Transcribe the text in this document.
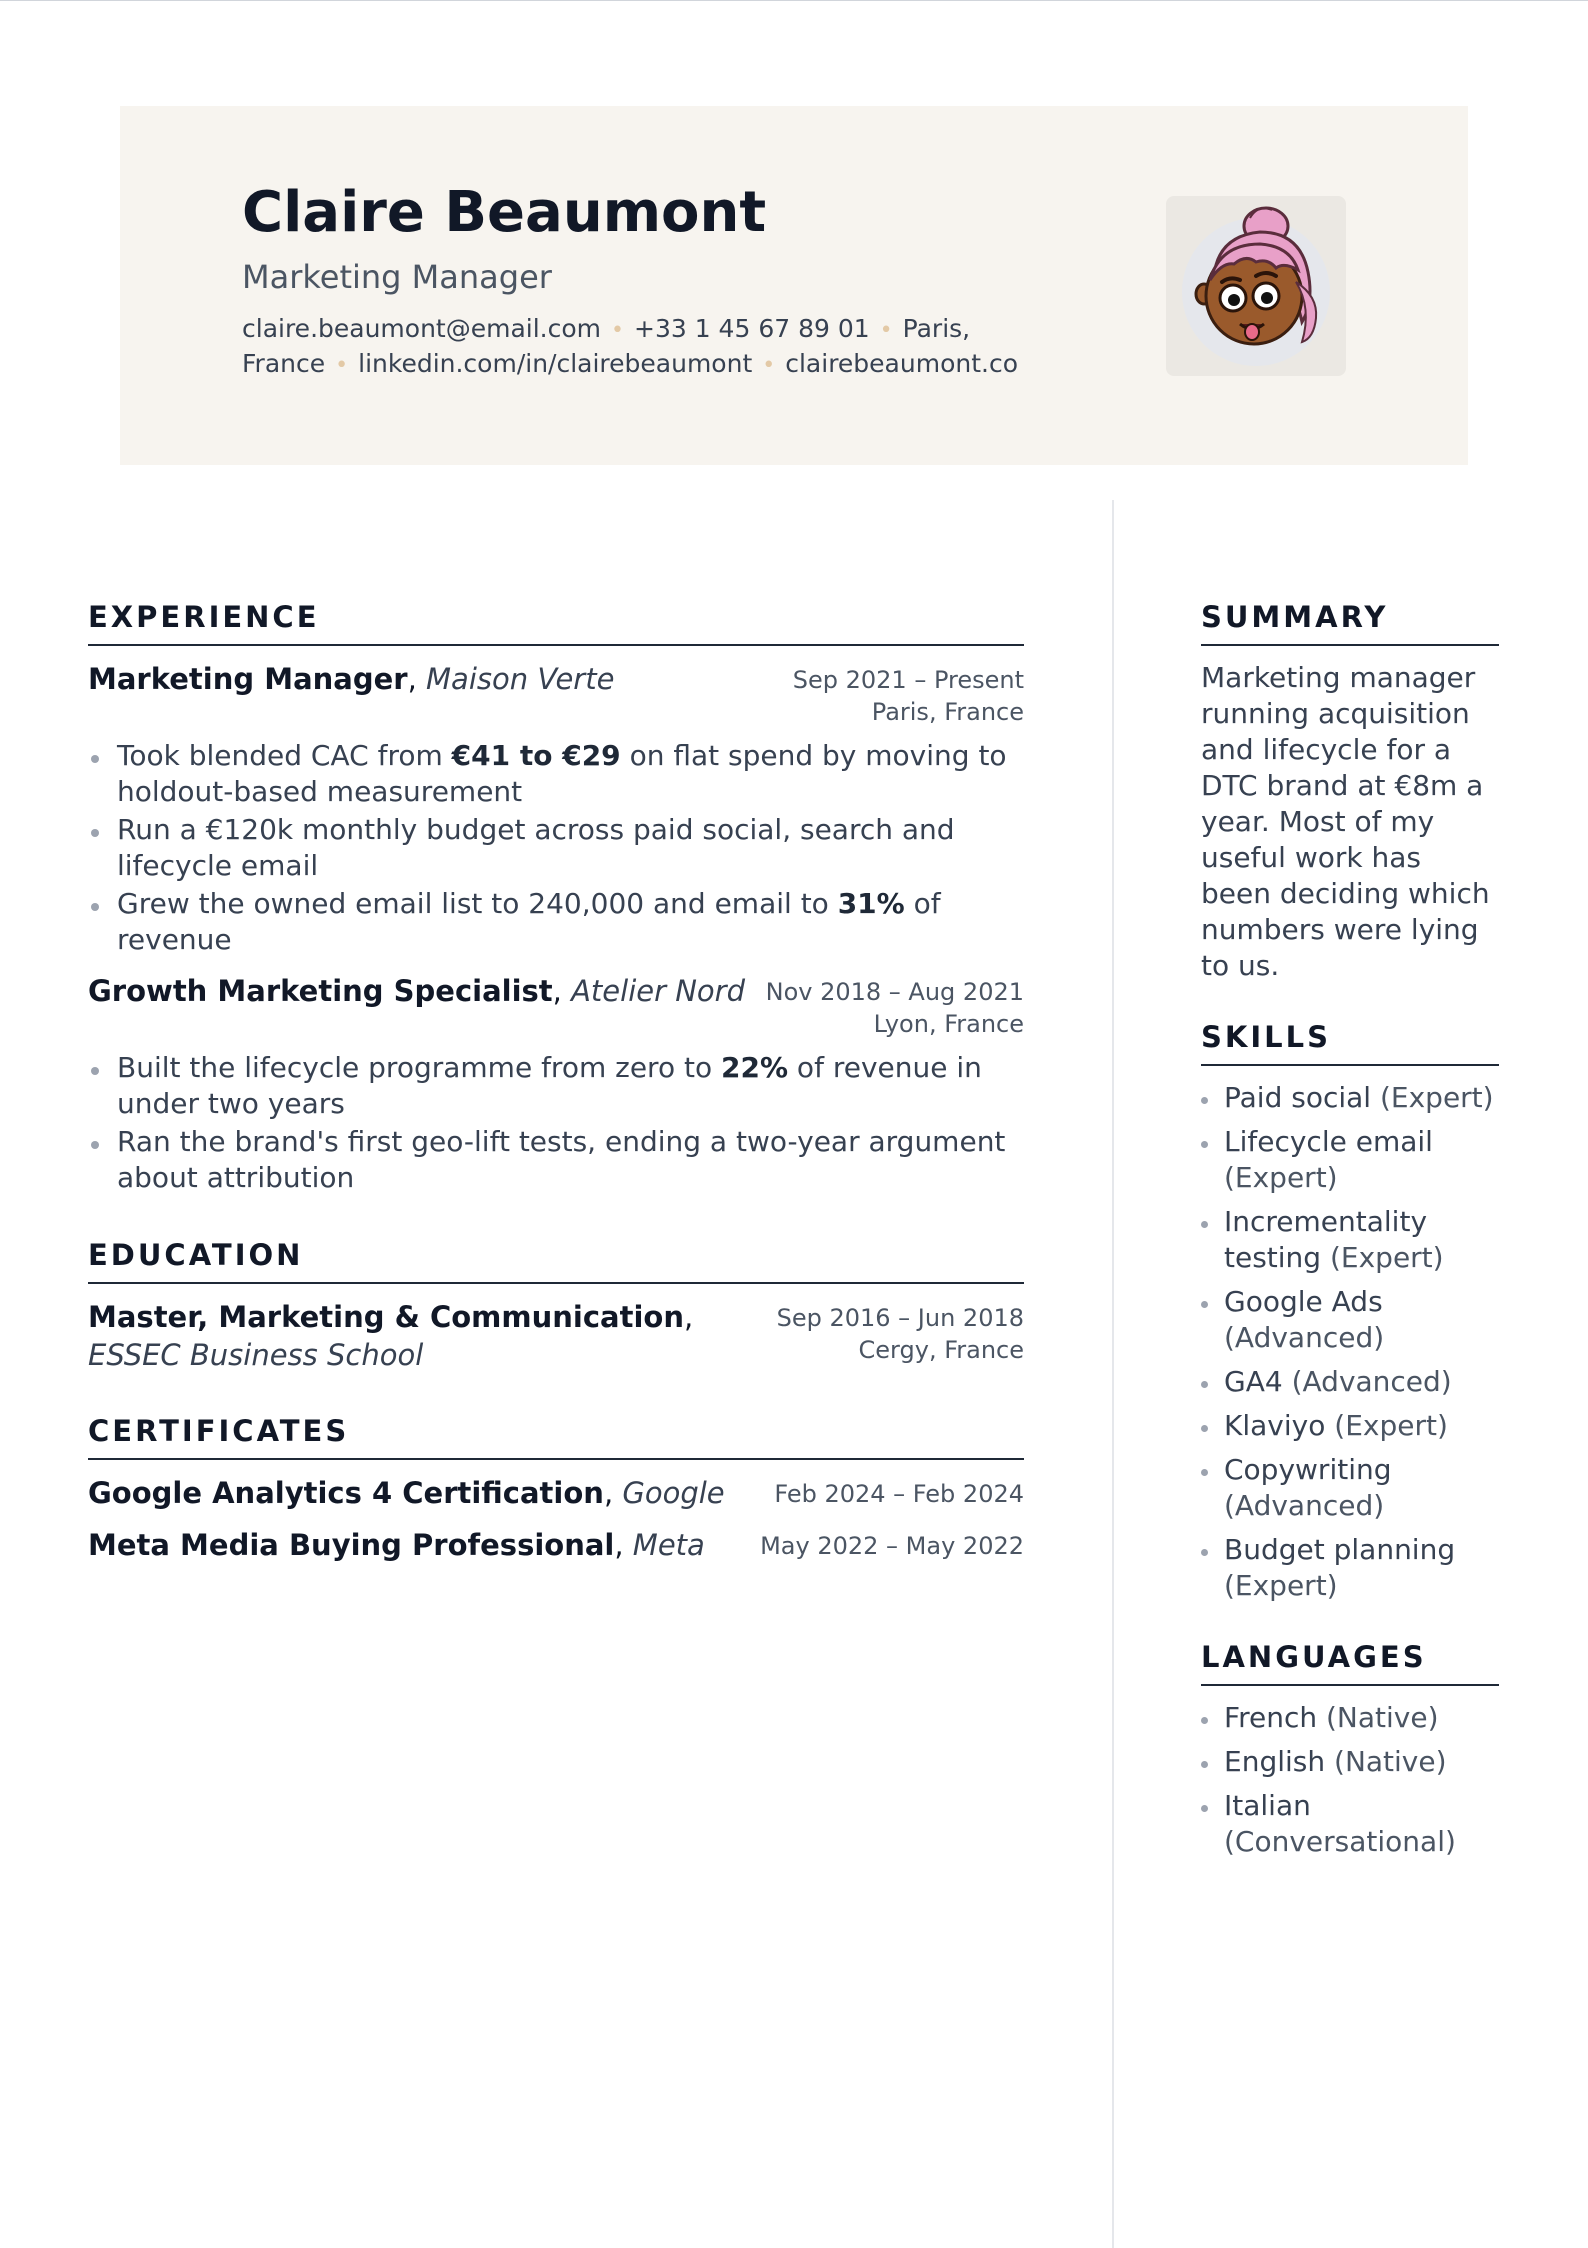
Claire Beaumont
Marketing Manager
claire.beaumont@email.com • +33 1 45 67 89 01 • Paris, France • linkedin.com/in/clairebeaumont • clairebeaumont.co
EXPERIENCE
Marketing Manager, Maison Verte	Sep 2021 – Present
Paris, France
Took blended CAC from €41 to €29 on flat spend by moving to holdout-based measurement
Run a €120k monthly budget across paid social, search and lifecycle email
Grew the owned email list to 240,000 and email to 31% of revenue
Growth Marketing Specialist, Atelier Nord Nov 2018 – Aug 2021
Lyon, France
Built the lifecycle programme from zero to 22% of revenue in under two years
Ran the brand's first geo-lift tests, ending a two-year argument about attribution
EDUCATION
Master, Marketing & Communication,
ESSEC Business School
Sep 2016 – Jun 2018
Cergy, France
CERTIFICATES
Google Analytics 4 Certification, Google Feb 2024 – Feb 2024
Meta Media Buying Professional, Meta May 2022 – May 2022
SUMMARY
Marketing manager running acquisition and lifecycle for a DTC brand at €8m a year. Most of my useful work has been deciding which numbers were lying to us.
SKILLS
Paid social (Expert)
Lifecycle email (Expert)
Incrementality testing (Expert)
Google Ads (Advanced)
GA4 (Advanced)
Klaviyo (Expert)
Copywriting (Advanced)
Budget planning (Expert)
LANGUAGES
French (Native)
English (Native)
Italian (Conversational)
